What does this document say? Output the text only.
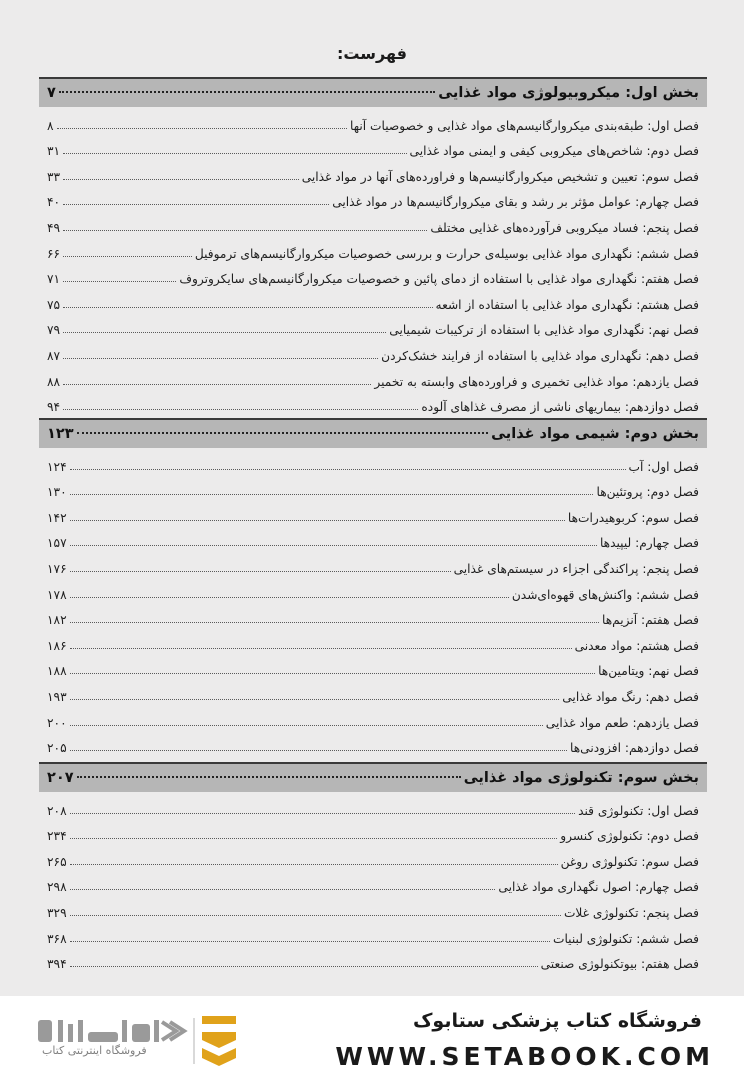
فهرست:
بخش اول: میکروبیولوژی مواد غذایی
۷
فصل اول: طبقه‌بندی میکروارگانیسم‌های مواد غذایی و خصوصیات آنها
۸
فصل دوم: شاخص‌های میکروبی کیفی و ایمنی مواد غذایی
۳۱
فصل سوم: تعیین و تشخیص میکروارگانیسم‌ها و فراورده‌های آنها در مواد غذایی
۳۳
فصل چهارم: عوامل مؤثر بر رشد و بقای میکروارگانیسم‌ها در مواد غذایی
۴۰
فصل پنجم: فساد میکروبی فرآورده‌های غذایی مختلف
۴۹
فصل ششم: نگهداری مواد غذایی بوسیله‌ی حرارت و بررسی خصوصیات میکروارگانیسم‌های ترموفیل
۶۶
فصل هفتم: نگهداری مواد غذایی با استفاده از دمای پائین و خصوصیات میکروارگانیسم‌های سایکروتروف
۷۱
فصل هشتم: نگهداری مواد غذایی با استفاده از اشعه
۷۵
فصل نهم: نگهداری مواد غذایی با استفاده از ترکیبات شیمیایی
۷۹
فصل دهم: نگهداری مواد غذایی با استفاده از فرایند خشک‌کردن
۸۷
فصل یازدهم: مواد غذایی تخمیری و فراورده‌های وابسته به تخمیر
۸۸
فصل دوازدهم: بیماریهای ناشی از مصرف غذاهای آلوده
۹۴
بخش دوم: شیمی مواد غذایی
۱۲۳
فصل اول: آب
۱۲۴
فصل دوم: پروتئین‌ها
۱۳۰
فصل سوم: کربوهیدرات‌ها
۱۴۲
فصل چهارم: لیپیدها
۱۵۷
فصل پنجم: پراکندگی اجزاء در سیستم‌های غذایی
۱۷۶
فصل ششم: واکنش‌های قهوه‌ای‌شدن
۱۷۸
فصل هفتم: آنزیم‌ها
۱۸۲
فصل هشتم: مواد معدنی
۱۸۶
فصل نهم: ویتامین‌ها
۱۸۸
فصل دهم: رنگ مواد غذایی
۱۹۳
فصل یازدهم: طعم مواد غذایی
۲۰۰
فصل دوازدهم: افزودنی‌ها
۲۰۵
بخش سوم: تکنولوژی مواد غذایی
۲۰۷
فصل اول: تکنولوژی قند
۲۰۸
فصل دوم: تکنولوژی کنسرو
۲۳۴
فصل سوم: تکنولوژی روغن
۲۶۵
فصل چهارم: اصول نگهداری مواد غذایی
۲۹۸
فصل پنجم: تکنولوژی غلات
۳۲۹
فصل ششم: تکنولوژی لبنیات
۳۶۸
فصل هفتم: بیوتکنولوژی صنعتی
۳۹۴
فروشگاه اینترنتی کتاب
فروشگاه کتاب پزشکی ستابوک
WWW.SETABOOK.COM
